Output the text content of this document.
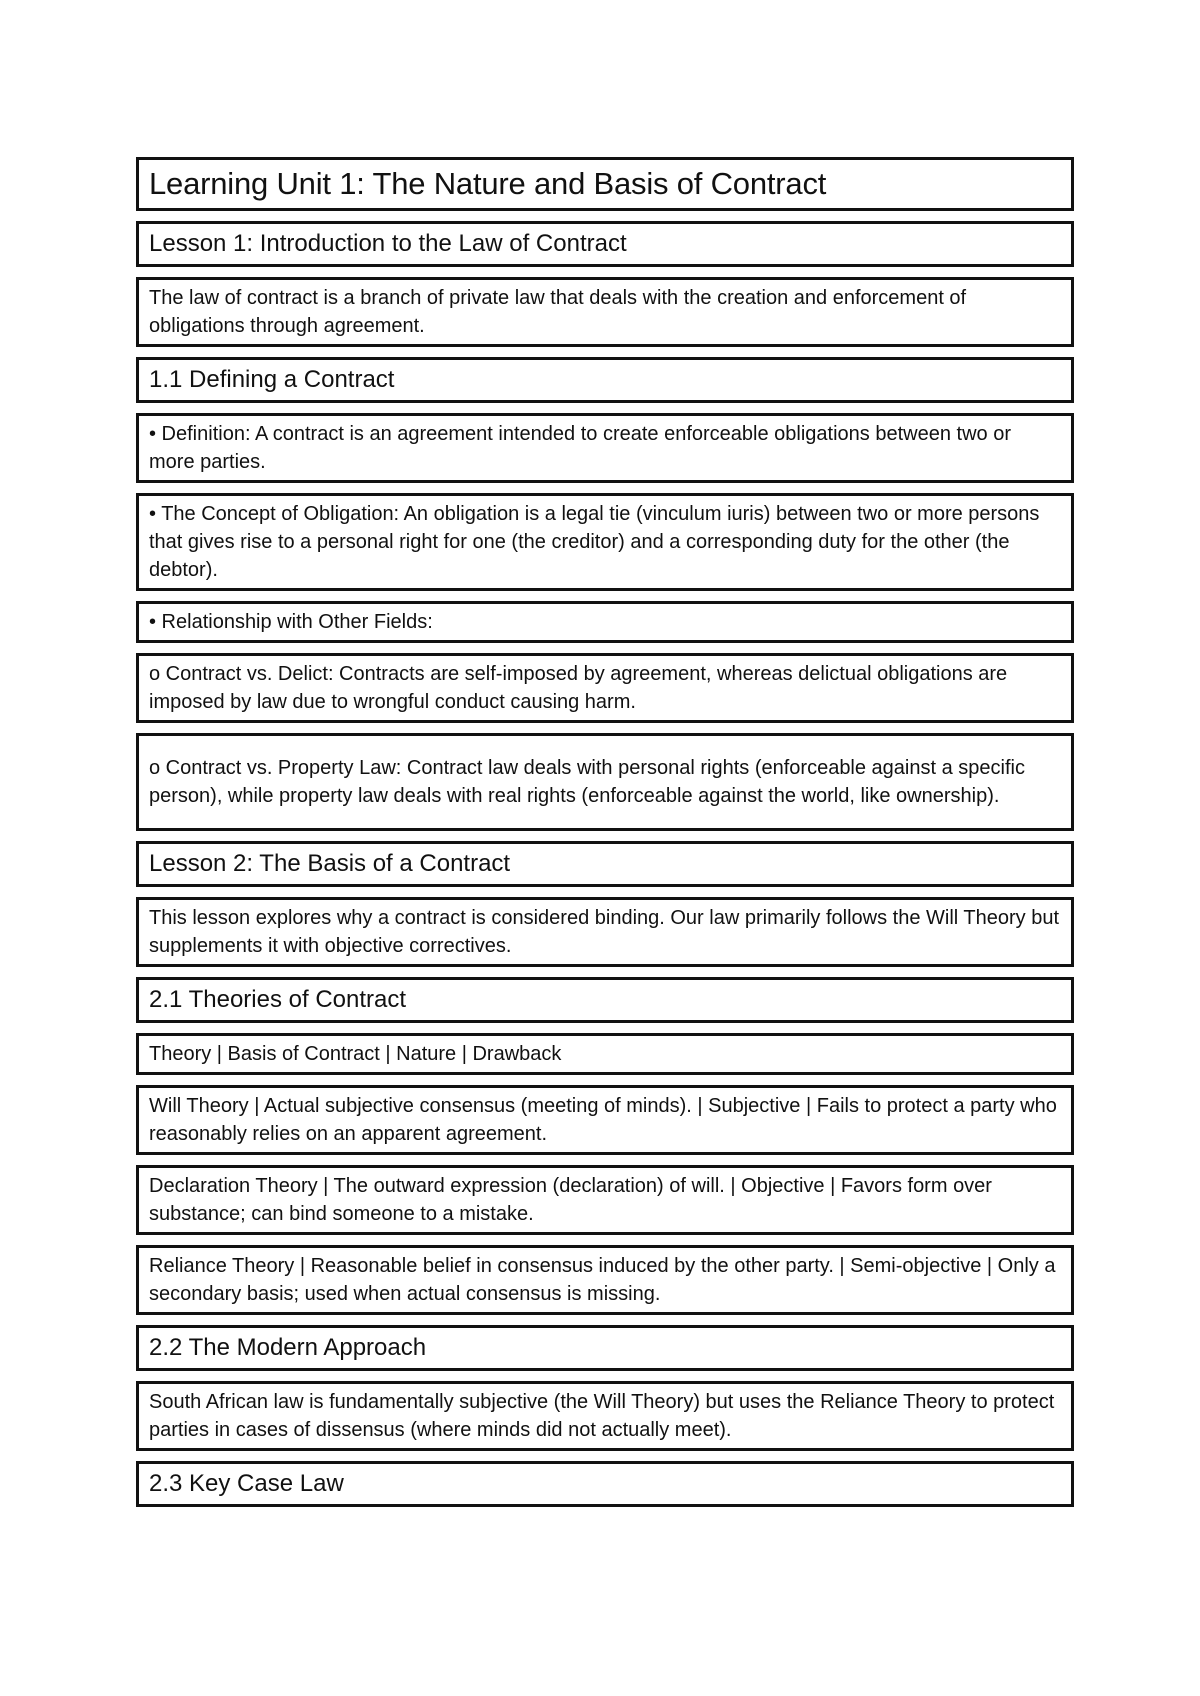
Learning Unit 1: The Nature and Basis of Contract
Lesson 1: Introduction to the Law of Contract
The law of contract is a branch of private law that deals with the creation and enforcement of obligations through agreement.
1.1 Defining a Contract
• Definition: A contract is an agreement intended to create enforceable obligations between two or more parties.
• The Concept of Obligation: An obligation is a legal tie (vinculum iuris) between two or more persons that gives rise to a personal right for one (the creditor) and a corresponding duty for the other (the debtor).
• Relationship with Other Fields:
o Contract vs. Delict: Contracts are self-imposed by agreement, whereas delictual obligations are imposed by law due to wrongful conduct causing harm.
o Contract vs. Property Law: Contract law deals with personal rights (enforceable against a specific person), while property law deals with real rights (enforceable against the world, like ownership).
Lesson 2: The Basis of a Contract
This lesson explores why a contract is considered binding. Our law primarily follows the Will Theory but supplements it with objective correctives.
2.1 Theories of Contract
Theory | Basis of Contract | Nature | Drawback
Will Theory | Actual subjective consensus (meeting of minds). | Subjective | Fails to protect a party who reasonably relies on an apparent agreement.
Declaration Theory | The outward expression (declaration) of will. | Objective | Favors form over substance; can bind someone to a mistake.
Reliance Theory | Reasonable belief in consensus induced by the other party. | Semi-objective | Only a secondary basis; used when actual consensus is missing.
2.2 The Modern Approach
South African law is fundamentally subjective (the Will Theory) but uses the Reliance Theory to protect parties in cases of dissensus (where minds did not actually meet).
2.3 Key Case Law
